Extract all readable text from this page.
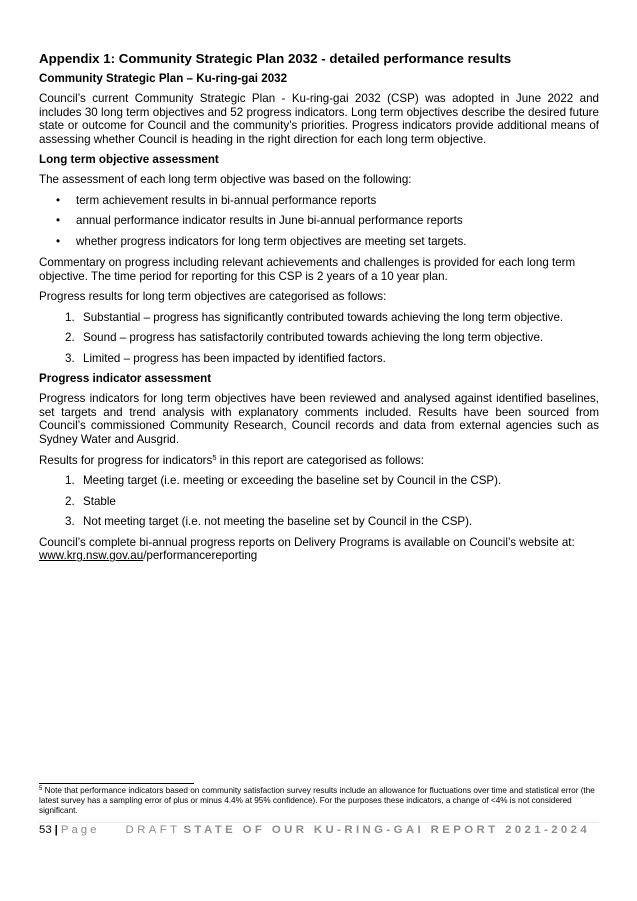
Appendix 1: Community Strategic Plan 2032 - detailed performance results
Community Strategic Plan – Ku-ring-gai 2032

Council’s current Community Strategic Plan - Ku-ring-gai 2032 (CSP) was adopted in June 2022 and includes 30 long term objectives and 52 progress indicators. Long term objectives describe the desired future state or outcome for Council and the community’s priorities. Progress indicators provide additional means of assessing whether Council is heading in the right direction for each long term objective.

Long term objective assessment

The assessment of each long term objective was based on the following:

• term achievement results in bi-annual performance reports
• annual performance indicator results in June bi-annual performance reports
• whether progress indicators for long term objectives are meeting set targets.

Commentary on progress including relevant achievements and challenges is provided for each long term objective. The time period for reporting for this CSP is 2 years of a 10 year plan.

Progress results for long term objectives are categorised as follows:

1. Substantial – progress has significantly contributed towards achieving the long term objective.
2. Sound – progress has satisfactorily contributed towards achieving the long term objective.
3. Limited – progress has been impacted by identified factors.
Progress indicator assessment

Progress indicators for long term objectives have been reviewed and analysed against identified baselines, set targets and trend analysis with explanatory comments included. Results have been sourced from Council’s commissioned Community Research, Council records and data from external agencies such as Sydney Water and Ausgrid.

Results for progress for indicators$^5$ in this report are categorised as follows:

1. Meeting target (i.e. meeting or exceeding the baseline set by Council in the CSP).
2. Stable
3. Not meeting target (i.e. not meeting the baseline set by Council in the CSP).

Council’s complete bi-annual progress reports on Delivery Programs is available on Council’s website at:
www.krg.nsw.gov.au/performancereporting

$^5$ Note that performance indicators based on community satisfaction survey results include an allowance for fluctuations over time and statistical error (the latest survey has a sampling error of plus or minus 4.4% at 95% confidence). For the purposes these indicators, a change of <4% is not considered significant.
53 | Page DRAFT STATE OF OUR KU-RING-GAI REPORT 2021-2024
